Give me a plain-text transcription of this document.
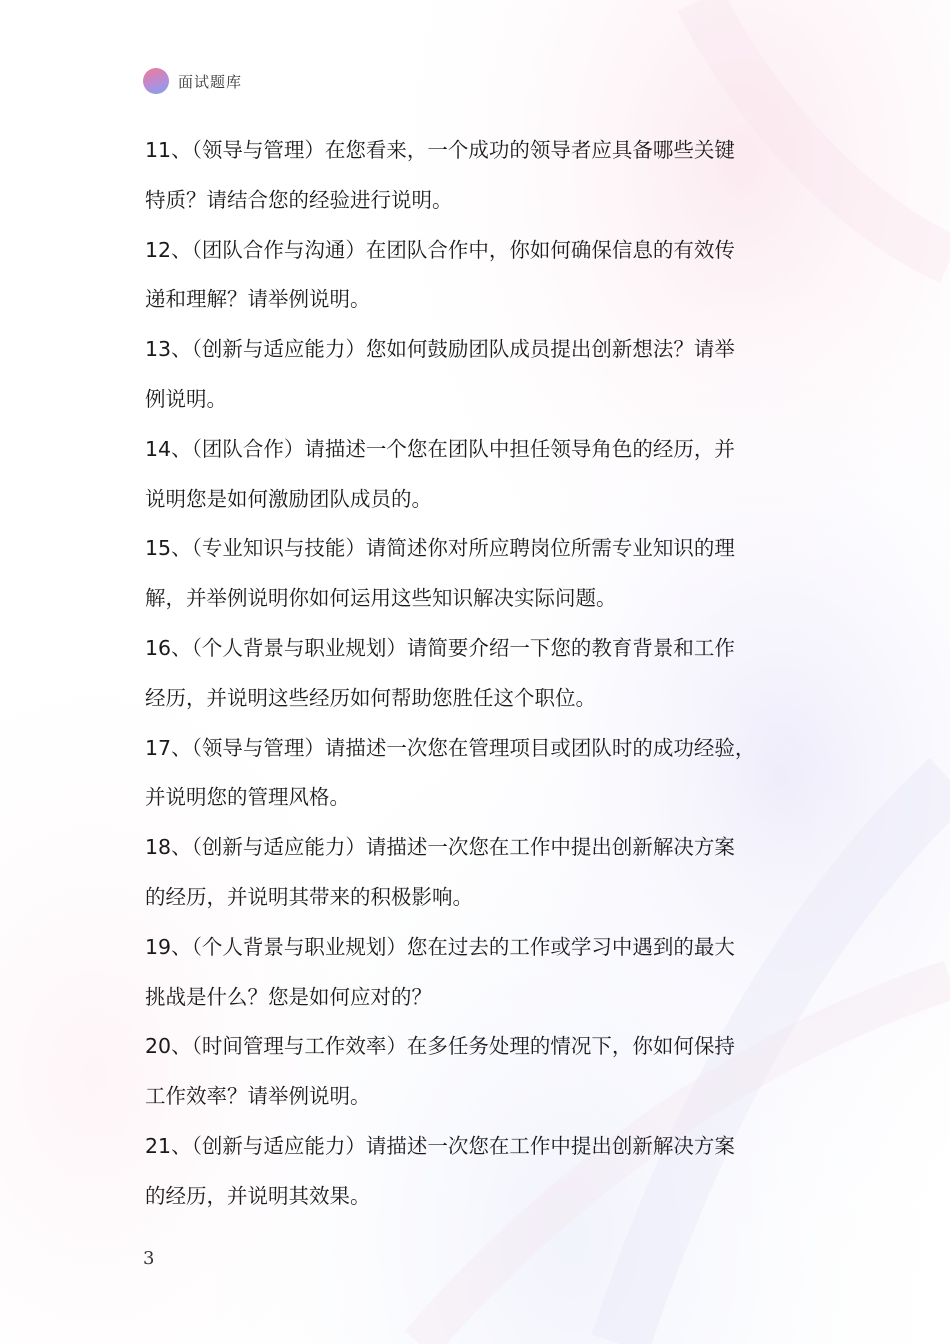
面试题库

11、（领导与管理）在您看来，一个成功的领导者应具备哪些关键
特质？请结合您的经验进行说明。

12、（团队合作与沟通）在团队合作中，你如何确保信息的有效传
递和理解？请举例说明。

13、（创新与适应能力）您如何鼓励团队成员提出创新想法？请举
例说明。

14、（团队合作）请描述一个您在团队中担任领导角色的经历，并
说明您是如何激励团队成员的。

15、（专业知识与技能）请简述你对所应聘岗位所需专业知识的理
解，并举例说明你如何运用这些知识解决实际问题。

16、（个人背景与职业规划）请简要介绍一下您的教育背景和工作
经历，并说明这些经历如何帮助您胜任这个职位。

17、（领导与管理）请描述一次您在管理项目或团队时的成功经验，
并说明您的管理风格。

18、（创新与适应能力）请描述一次您在工作中提出创新解决方案
的经历，并说明其带来的积极影响。

19、（个人背景与职业规划）您在过去的工作或学习中遇到的最大
挑战是什么？您是如何应对的？

20、（时间管理与工作效率）在多任务处理的情况下，你如何保持
工作效率？请举例说明。

21、（创新与适应能力）请描述一次您在工作中提出创新解决方案
的经历，并说明其效果。

3
